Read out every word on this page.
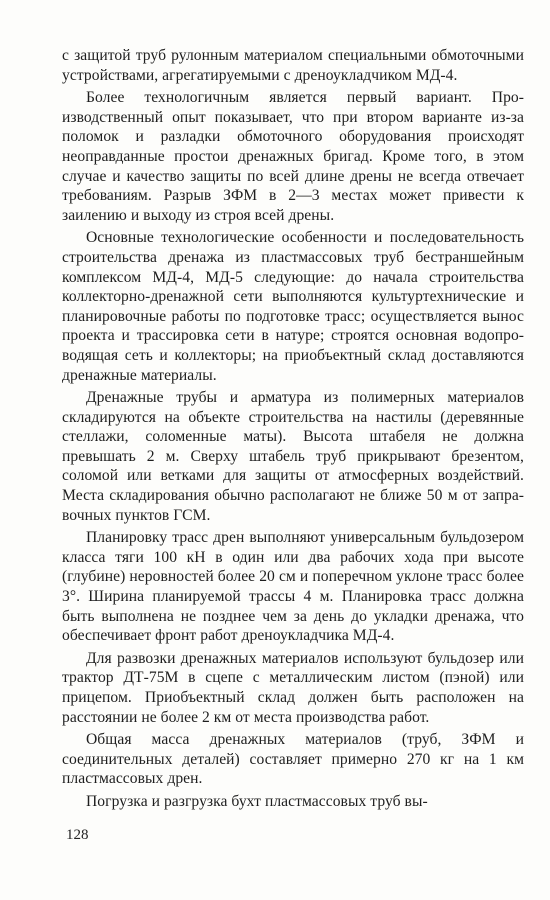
с защитой труб рулонным материалом специальными обмоточными устройствами, агрегатируемыми с дреноукладчиком МД-4.

Более технологичным является первый вариант. Производственный опыт показывает, что при втором варианте из-за поломок и разладки обмоточного оборудования происходят неоправданные простои дренажных бригад. Кроме того, в этом случае и качество защиты по всей длине дрены не всегда отвечает требованиям. Разрыв ЗФМ в 2—3 местах может привести к заилению и выходу из строя всей дрены.

Основные технологические особенности и последовательность строительства дренажа из пластмассовых труб бестраншейным комплексом МД-4, МД-5 следующие: до начала строительства коллекторно-дренажной сети выполняются культуртехнические и планировочные работы по подготовке трасс; осуществляется вынос проекта и трассировка сети в натуре; строятся основная водопроводящая сеть и коллекторы; на приобъектный склад доставляются дренажные материалы.

Дренажные трубы и арматура из полимерных материалов складируются на объекте строительства на настилы (деревянные стеллажи, соломенные маты). Высота штабеля не должна превышать 2 м. Сверху штабель труб прикрывают брезентом, соломой или ветками для защиты от атмосферных воздействий. Места складирования обычно располагают не ближе 50 м от заправочных пунктов ГСМ.

Планировку трасс дрен выполняют универсальным бульдозером класса тяги 100 кН в один или два рабочих хода при высоте (глубине) неровностей более 20 см и поперечном уклоне трасс более 3°. Ширина планируемой трассы 4 м. Планировка трасс должна быть выполнена не позднее чем за день до укладки дренажа, что обеспечивает фронт работ дреноукладчика МД-4.

Для развозки дренажных материалов используют бульдозер или трактор ДТ-75М в сцепе с металлическим листом (пэной) или прицепом. Приобъектный склад должен быть расположен на расстоянии не более 2 км от места производства работ.

Общая масса дренажных материалов (труб, ЗФМ и соединительных деталей) составляет примерно 270 кг на 1 км пластмассовых дрен.

Погрузка и разгрузка бухт пластмассовых труб вы-

128
